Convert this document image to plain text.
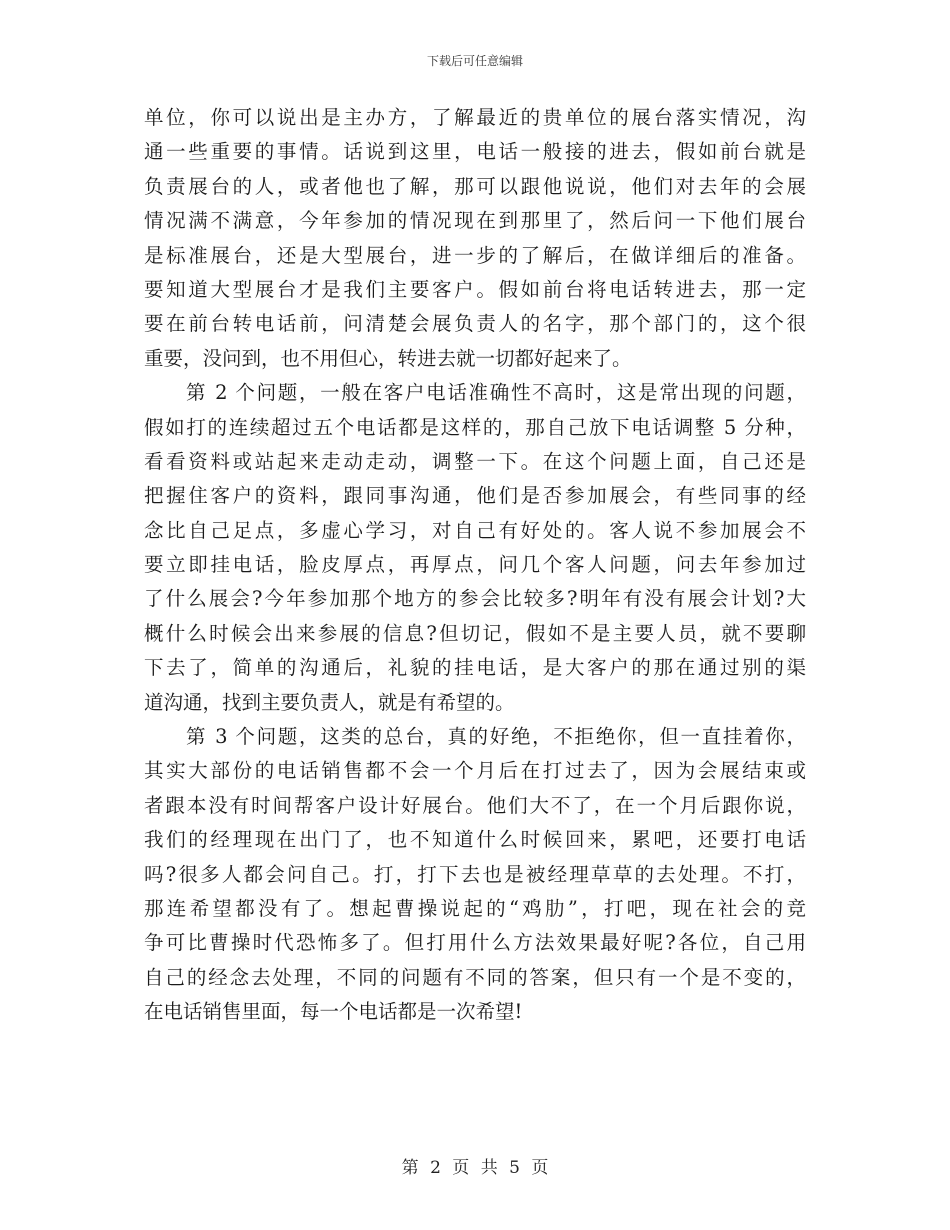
下载后可任意编辑
单位，你可以说出是主办方，了解最近的贵单位的展台落实情况，沟
通一些重要的事情。话说到这里，电话一般接的进去，假如前台就是
负责展台的人，或者他也了解，那可以跟他说说，他们对去年的会展
情况满不满意，今年参加的情况现在到那里了，然后问一下他们展台
是标准展台，还是大型展台，进一步的了解后，在做详细后的准备。
要知道大型展台才是我们主要客户。假如前台将电话转进去，那一定
要在前台转电话前，问清楚会展负责人的名字，那个部门的，这个很
重要，没问到，也不用但心，转进去就一切都好起来了。
第 2 个问题，一般在客户电话准确性不高时，这是常出现的问题，
假如打的连续超过五个电话都是这样的，那自己放下电话调整 5 分种，
看看资料或站起来走动走动，调整一下。在这个问题上面，自己还是
把握住客户的资料，跟同事沟通，他们是否参加展会，有些同事的经
念比自己足点，多虚心学习，对自己有好处的。客人说不参加展会不
要立即挂电话，脸皮厚点，再厚点，问几个客人问题，问去年参加过
了什么展会?今年参加那个地方的参会比较多?明年有没有展会计划?大
概什么时候会出来参展的信息?但切记，假如不是主要人员，就不要聊
下去了，简单的沟通后，礼貌的挂电话，是大客户的那在通过别的渠
道沟通，找到主要负责人，就是有希望的。
第 3 个问题，这类的总台，真的好绝，不拒绝你，但一直挂着你，
其实大部份的电话销售都不会一个月后在打过去了，因为会展结束或
者跟本没有时间帮客户设计好展台。他们大不了，在一个月后跟你说，
我们的经理现在出门了，也不知道什么时候回来，累吧，还要打电话
吗?很多人都会问自己。打，打下去也是被经理草草的去处理。不打，
那连希望都没有了。想起曹操说起的“鸡肋”，打吧，现在社会的竞
争可比曹操时代恐怖多了。但打用什么方法效果最好呢?各位，自己用
自己的经念去处理，不同的问题有不同的答案，但只有一个是不变的，
在电话销售里面，每一个电话都是一次希望!
第 2 页 共 5 页
